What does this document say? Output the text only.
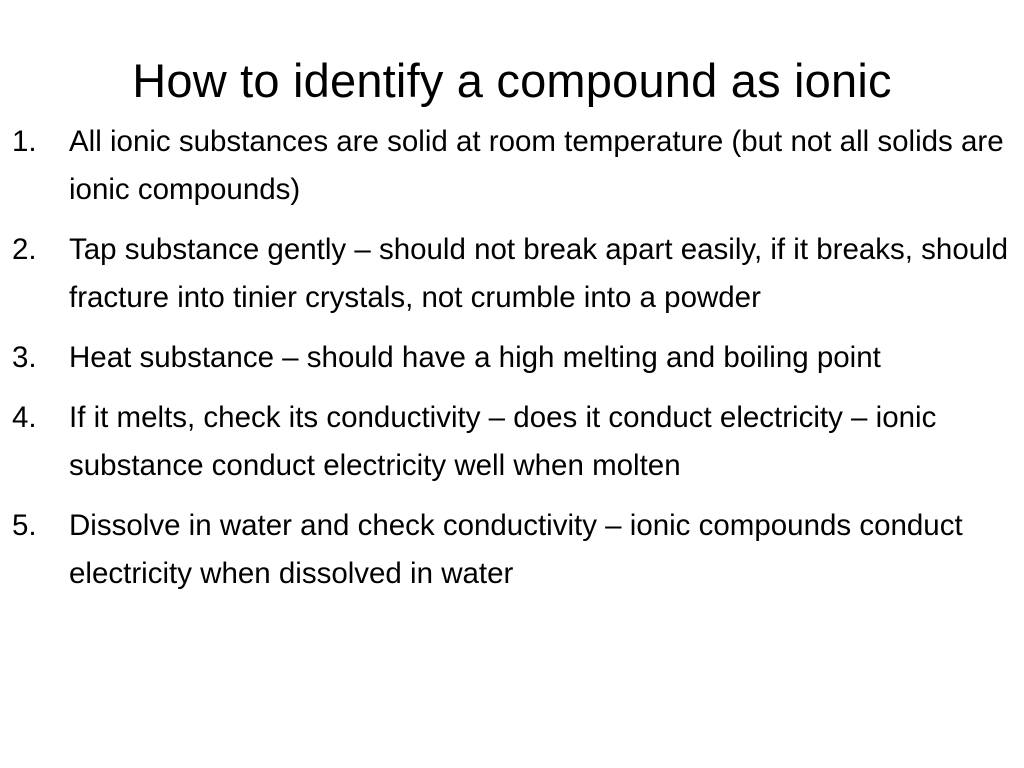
How to identify a compound as ionic
1. All ionic substances are solid at room temperature (but not all solids are ionic compounds)
2. Tap substance gently – should not break apart easily, if it breaks, should fracture into tinier crystals, not crumble into a powder
3. Heat substance – should have a high melting and boiling point
4. If it melts, check its conductivity – does it conduct electricity – ionic substance conduct electricity well when molten
5. Dissolve in water and check conductivity – ionic compounds conduct electricity when dissolved in water
